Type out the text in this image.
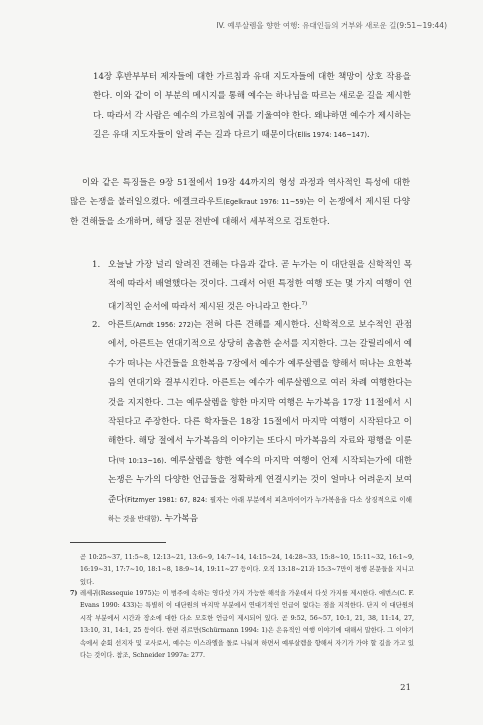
IV. 예루살렘을 향한 여행: 유대인들의 거부와 새로운 길(9:51~19:44)

14장 후반부부터 제자들에 대한 가르침과 유대 지도자들에 대한 책망이 상호 작용을 한다. 이와 같이 이 부분의 메시지를 통해 예수는 하나님을 따르는 새로운 길을 제시한다. 따라서 각 사람은 예수의 가르침에 귀를 기울여야 한다. 왜냐하면 예수가 제시하는 길은 유대 지도자들이 알려 주는 길과 다르기 때문이다(Ellis 1974: 146~147).

이와 같은 특징들은 9장 51절에서 19장 44까지의 형성 과정과 역사적인 특성에 대한 많은 논쟁을 불러일으켰다. 에겔크라우트(Egelkraut 1976: 11~59)는 이 논쟁에서 제시된 다양한 견해들을 소개하며, 해당 질문 전반에 대해서 세부적으로 검토한다.

1. 오늘날 가장 널리 알려진 견해는 다음과 같다. 곧 누가는 이 대단원을 신학적인 목적에 따라서 배열했다는 것이다. 그래서 어떤 특정한 여행 또는 몇 가지 여행이 연대기적인 순서에 따라서 제시된 것은 아니라고 한다.$^{7)}$

2. 아른트(Arndt 1956: 272)는 전혀 다른 견해를 제시한다. 신학적으로 보수적인 관점에서, 아른트는 연대기적으로 상당히 촘촘한 순서를 지지한다. 그는 갈릴리에서 예수가 떠나는 사건들을 요한복음 7장에서 예수가 예루살렘을 향해서 떠나는 요한복음의 연대기와 결부시킨다. 아른트는 예수가 예루살렘으로 여러 차례 여행한다는 것을 지지한다. 그는 예루살렘을 향한 마지막 여행은 누가복음 17장 11절에서 시작된다고 주장한다. 다른 학자들은 18장 15절에서 마지막 여행이 시작된다고 이해한다. 해당 절에서 누가복음의 이야기는 또다시 마가복음의 자료와 평행을 이룬다(막 10:13~16). 예루살렘을 향한 예수의 마지막 여행이 언제 시작되는가에 대한 논쟁은 누가의 다양한 언급들을 정확하게 연결시키는 것이 얼마나 어려운지 보여 준다(Fitzmyer 1981: 67, 824: 필자는 아래 부분에서 피츠마이어가 누가복음을 다소 상징적으로 이해하는 것을 반대함). 누가복음

곧 10:25~37, 11:5~8, 12:13~21, 13:6~9, 14:7~14, 14:15~24, 14:28~33, 15:8~10, 15:11~32, 16:1~9, 16:19~31, 17:7~10, 18:1~8, 18:9~14, 19:11~27 등이다. 오직 13:18~21과 15:3~7만이 평행 본문들을 지니고 있다.
7) 레세귀(Ressequie 1975)는 이 범주에 속하는 영다섯 가지 가능한 해석을 가운데서 다섯 가지를 제시한다. 에번스(C. F. Evans 1990: 433)는 특별히 이 대단원의 마지막 부분에서 연대기적인 언급이 없다는 점을 지적한다. 단지 이 대단원의 시작 부분에서 시간과 장소에 대한 다소 모호한 언급이 제시되어 있다. 곧 9:52, 56~57, 10:1, 21, 38, 11:14, 27, 13:10, 31, 14:1, 25 등이다. 한편 쥐르만(Schürmann 1994: 1)은 은유적인 여행 이야기에 대해서 말한다. 그 이야기 속에서 순회 선지자 및 교사로서, 예수는 이스라엘을 돌로 나눠져 하면서 예루살렘을 향해서 자기가 가야 할 길을 가고 있다는 것이다. 참조, Schneider 1997a: 277.
21
